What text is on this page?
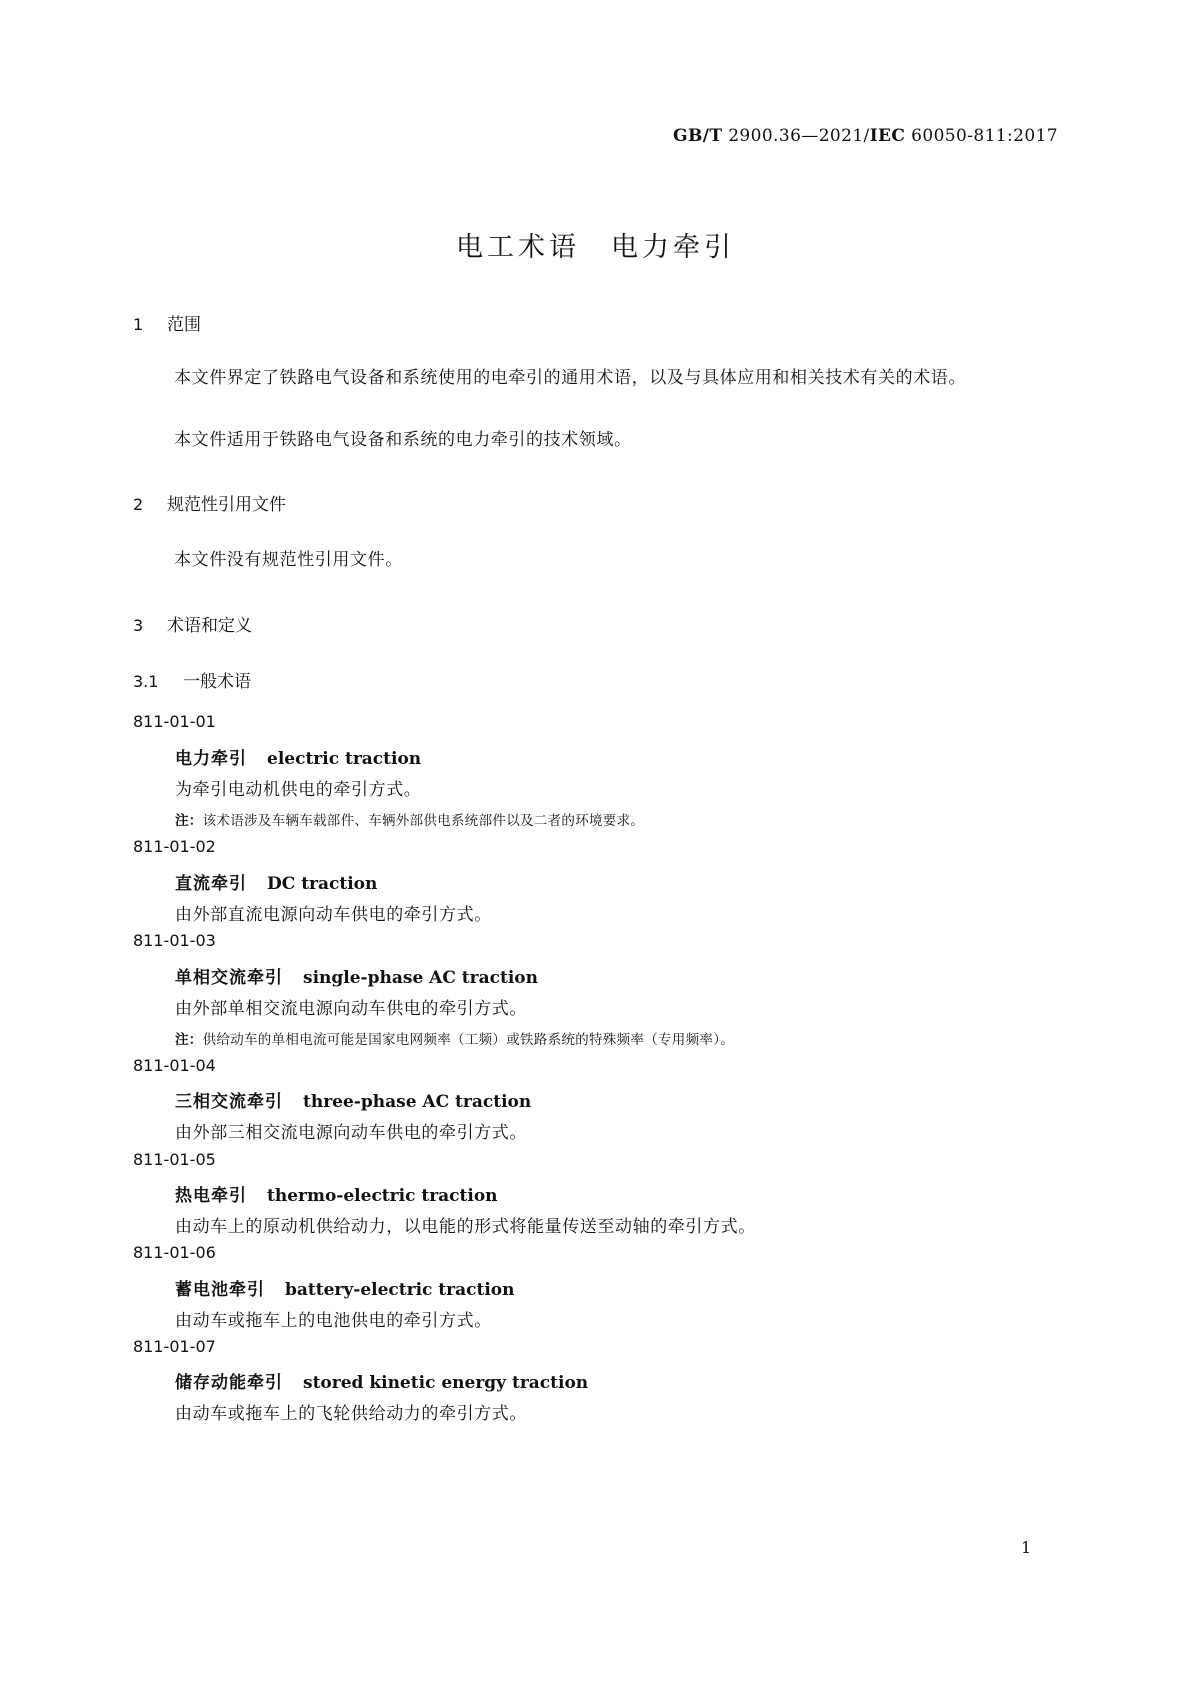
GB/T 2900.36—2021/IEC 60050-811:2017
电工术语　电力牵引
1 范围
本文件界定了铁路电气设备和系统使用的电牵引的通用术语，以及与具体应用和相关技术有关的术语。
本文件适用于铁路电气设备和系统的电力牵引的技术领域。
2 规范性引用文件
本文件没有规范性引用文件。
3 术语和定义
3.1 一般术语
811-01-01
电力牵引 electric traction
为牵引电动机供电的牵引方式。
注：该术语涉及车辆车载部件、车辆外部供电系统部件以及二者的环境要求。
811-01-02
直流牵引 DC traction
由外部直流电源向动车供电的牵引方式。
811-01-03
单相交流牵引 single-phase AC traction
由外部单相交流电源向动车供电的牵引方式。
注：供给动车的单相电流可能是国家电网频率（工频）或铁路系统的特殊频率（专用频率）。
811-01-04
三相交流牵引 three-phase AC traction
由外部三相交流电源向动车供电的牵引方式。
811-01-05
热电牵引 thermo-electric traction
由动车上的原动机供给动力，以电能的形式将能量传送至动轴的牵引方式。
811-01-06
蓄电池牵引 battery-electric traction
由动车或拖车上的电池供电的牵引方式。
811-01-07
储存动能牵引 stored kinetic energy traction
由动车或拖车上的飞轮供给动力的牵引方式。
1
